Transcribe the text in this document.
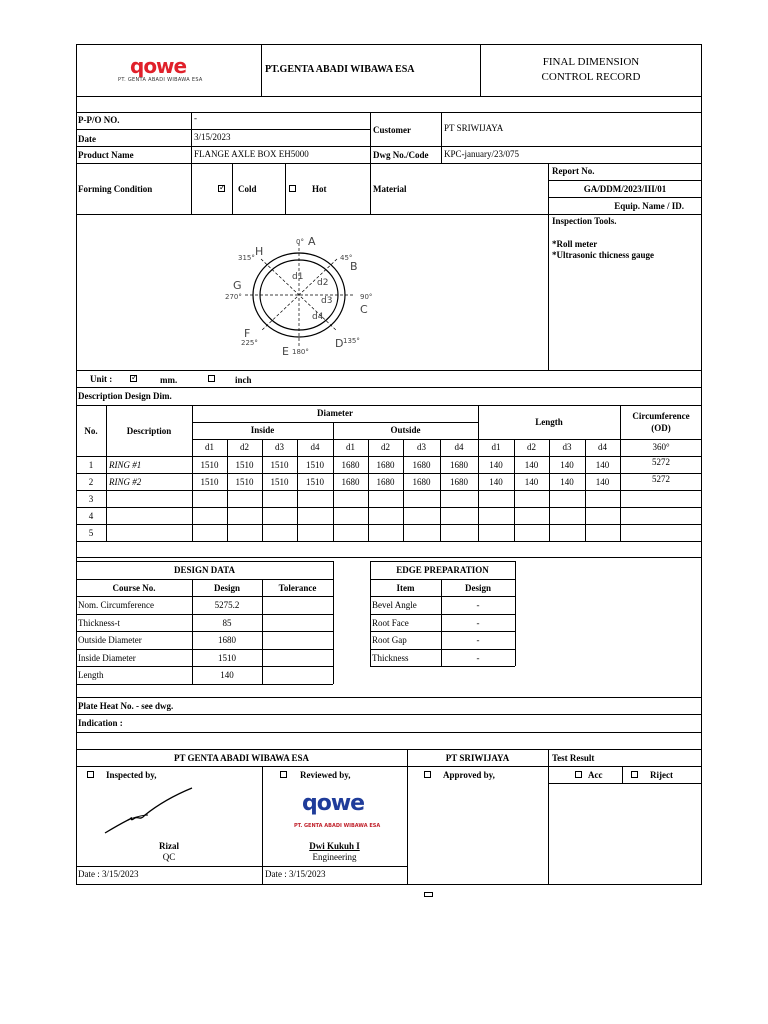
qowe
PT. GENTA ABADI WIBAWA ESA
PT.GENTA ABADI WIBAWA ESA
FINAL DIMENSION
CONTROL RECORD
P-P/O NO.	-
Date	3/15/2023
Customer	PT SRIWIJAYA
Product Name	FLANGE AXLE BOX EH5000	Dwg No./Code KPC-january/23/075
Report No.
GA/DDM/2023/III/01
Forming Condition ✓	Cold	Hot	Material
Equip. Name / ID.
Inspection Tools.
*Roll meter
*Ultrasonic thicness gauge
A
B
C
D
E
F
G
H
0°
45°
90°
135°
180°
225°
270°
315°
d1
d2
d3
d4
Unit : ✓	mm.	inch
Description Design Dim.
No.	Description
Diameter
Inside	Outside
Length
Circumference
(OD)
d1	d2	d3	d4	d1	d2	d3	d4	d1	d2	d3	d4	360°
1	RING #1	1510	1510	1510	1510	1680	1680	1680	1680	140	140	140	140	5272
2	RING #2	1510	1510	1510	1510	1680	1680	1680	1680	140	140	140	140	5272
3
4
5
DESIGN DATA
Course No.	Design	Tolerance
Nom. Circumference	5275.2
Thickness-t	85
Outside Diameter	1680
Inside Diameter	1510
Length	140
EDGE PREPARATION
Item	Design
Bevel Angle	-
Root Face	-
Root Gap	-
Thickness	-
Plate Heat No. - see dwg.
Indication :
PT GENTA ABADI WIBAWA ESA	PT SRIWIJAYA	Test Result
Inspected by,	Reviewed by,	Approved by,	Acc	Riject
Rizal
QC
qowe
PT. GENTA ABADI WIBAWA ESA
Dwi Kukuh I
Engineering
Date : 3/15/2023	Date : 3/15/2023
